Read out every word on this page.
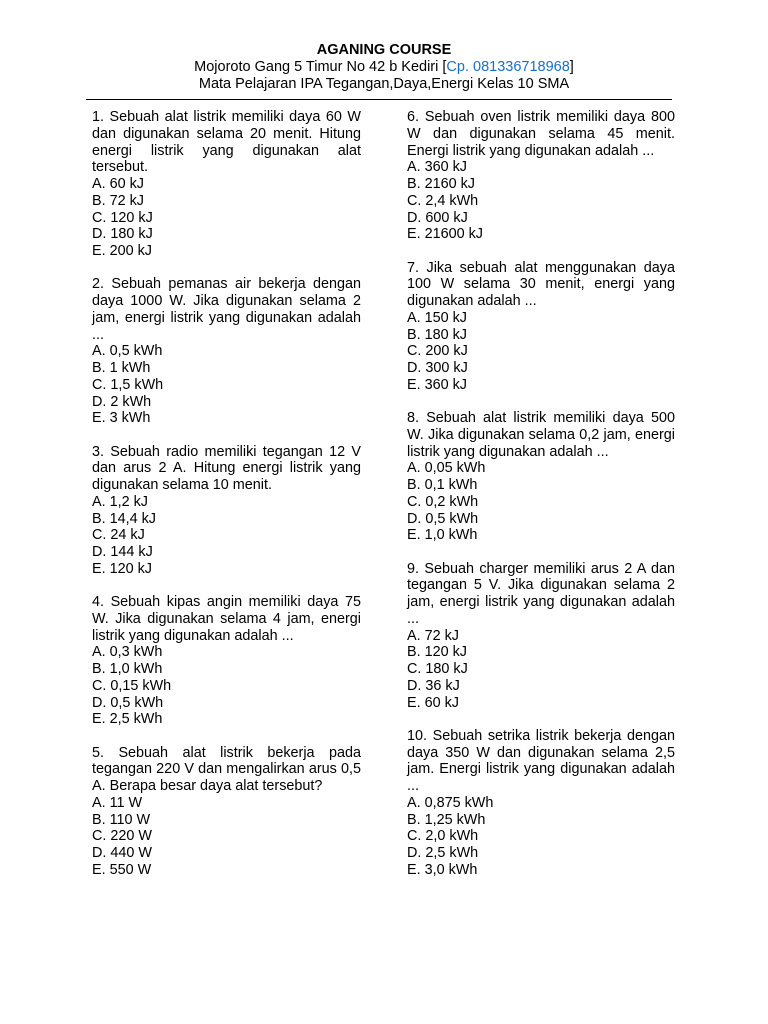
AGANING COURSE
Mojoroto Gang 5 Timur No 42 b Kediri [Cp. 081336718968]
Mata Pelajaran IPA Tegangan,Daya,Energi Kelas 10 SMA
1. Sebuah alat listrik memiliki daya 60 W dan digunakan selama 20 menit. Hitung energi listrik yang digunakan alat tersebut.
A. 60 kJ
B. 72 kJ
C. 120 kJ
D. 180 kJ
E. 200 kJ
2. Sebuah pemanas air bekerja dengan daya 1000 W. Jika digunakan selama 2 jam, energi listrik yang digunakan adalah ...
A. 0,5 kWh
B. 1 kWh
C. 1,5 kWh
D. 2 kWh
E. 3 kWh
3. Sebuah radio memiliki tegangan 12 V dan arus 2 A. Hitung energi listrik yang digunakan selama 10 menit.
A. 1,2 kJ
B. 14,4 kJ
C. 24 kJ
D. 144 kJ
E. 120 kJ
4. Sebuah kipas angin memiliki daya 75 W. Jika digunakan selama 4 jam, energi listrik yang digunakan adalah ...
A. 0,3 kWh
B. 1,0 kWh
C. 0,15 kWh
D. 0,5 kWh
E. 2,5 kWh
5. Sebuah alat listrik bekerja pada tegangan 220 V dan mengalirkan arus 0,5 A. Berapa besar daya alat tersebut?
A. 11 W
B. 110 W
C. 220 W
D. 440 W
E. 550 W
6. Sebuah oven listrik memiliki daya 800 W dan digunakan selama 45 menit. Energi listrik yang digunakan adalah ...
A. 360 kJ
B. 2160 kJ
C. 2,4 kWh
D. 600 kJ
E. 21600 kJ
7. Jika sebuah alat menggunakan daya 100 W selama 30 menit, energi yang digunakan adalah ...
A. 150 kJ
B. 180 kJ
C. 200 kJ
D. 300 kJ
E. 360 kJ
8. Sebuah alat listrik memiliki daya 500 W. Jika digunakan selama 0,2 jam, energi listrik yang digunakan adalah ...
A. 0,05 kWh
B. 0,1 kWh
C. 0,2 kWh
D. 0,5 kWh
E. 1,0 kWh
9. Sebuah charger memiliki arus 2 A dan tegangan 5 V. Jika digunakan selama 2 jam, energi listrik yang digunakan adalah ...
A. 72 kJ
B. 120 kJ
C. 180 kJ
D. 36 kJ
E. 60 kJ
10. Sebuah setrika listrik bekerja dengan daya 350 W dan digunakan selama 2,5 jam. Energi listrik yang digunakan adalah ...
A. 0,875 kWh
B. 1,25 kWh
C. 2,0 kWh
D. 2,5 kWh
E. 3,0 kWh
